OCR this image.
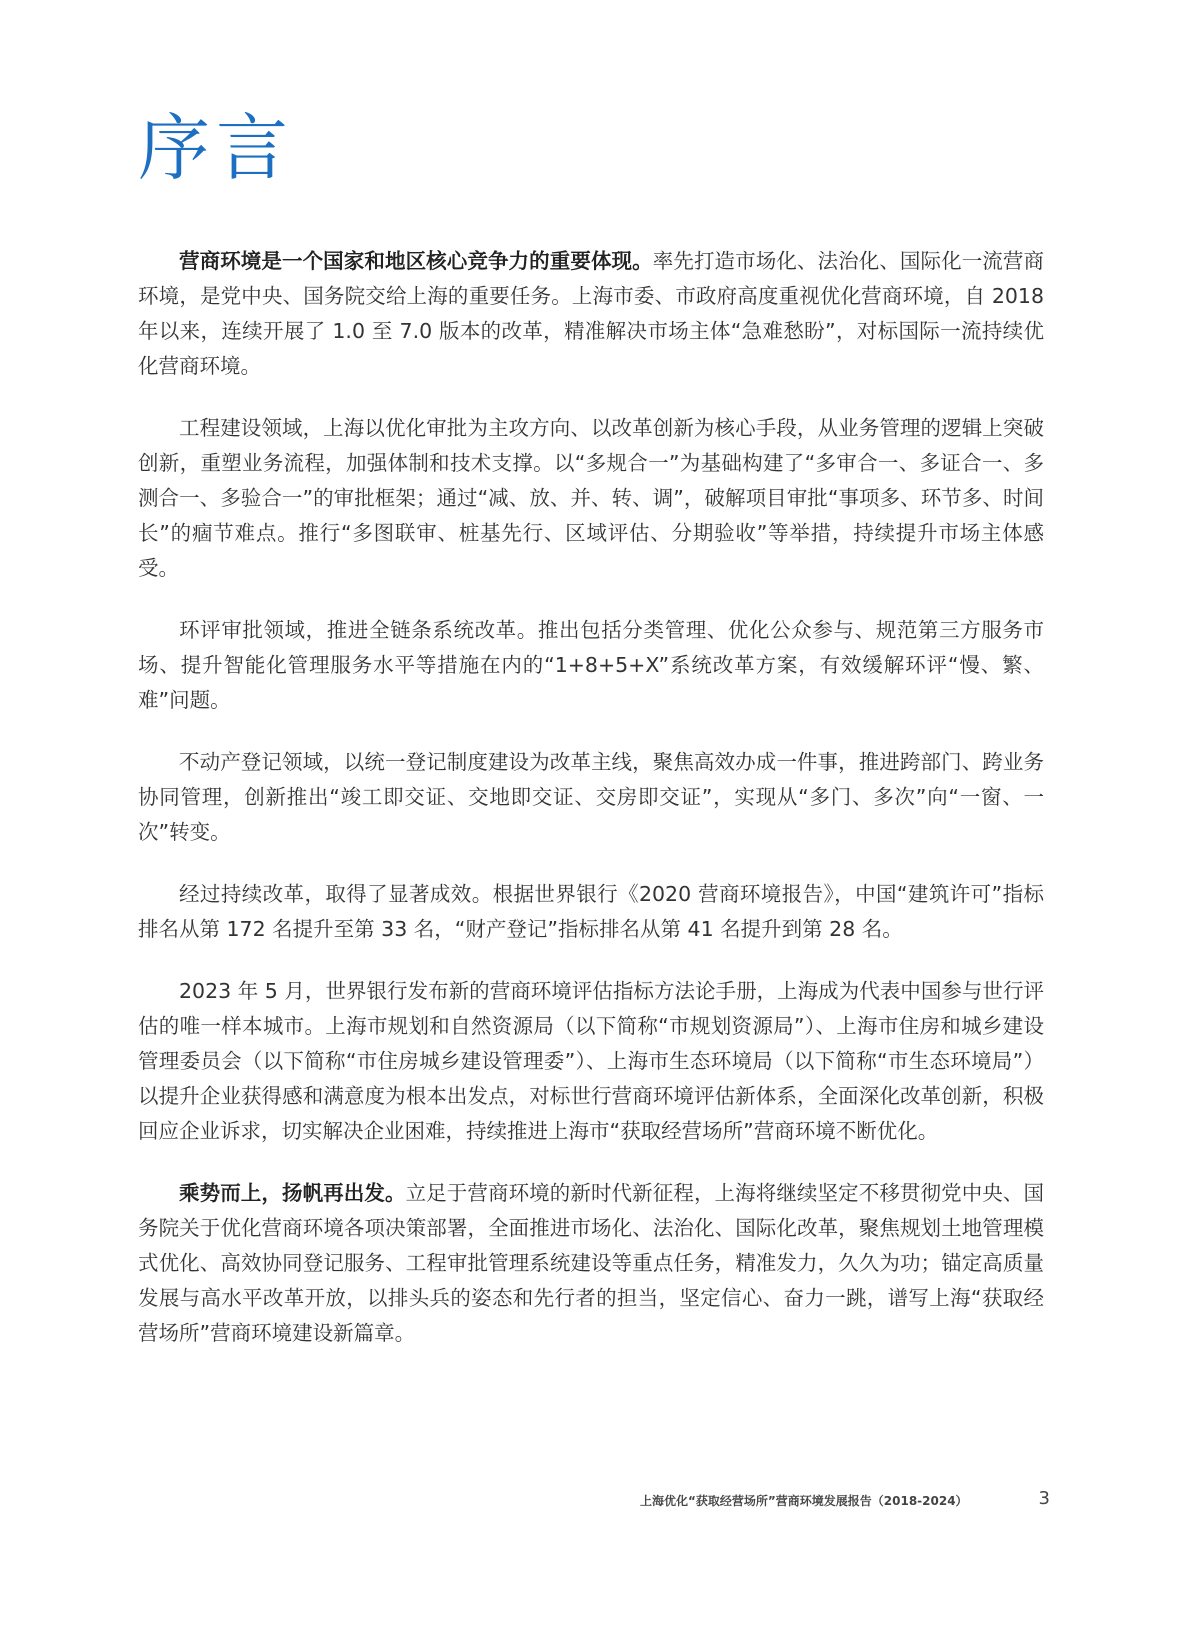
序言

营商环境是一个国家和地区核心竞争力的重要体现。率先打造市场化、法治化、国际化一流营商环境，是党中央、国务院交给上海的重要任务。上海市委、市政府高度重视优化营商环境，自 2018 年以来，连续开展了 1.0 至 7.0 版本的改革，精准解决市场主体“急难愁盼”，对标国际一流持续优化营商环境。

工程建设领域，上海以优化审批为主攻方向、以改革创新为核心手段，从业务管理的逻辑上突破创新，重塑业务流程，加强体制和技术支撑。以“多规合一”为基础构建了“多审合一、多证合一、多测合一、多验合一”的审批框架；通过“减、放、并、转、调”，破解项目审批“事项多、环节多、时间长”的痼节难点。推行“多图联审、桩基先行、区域评估、分期验收”等举措，持续提升市场主体感受。

环评审批领域，推进全链条系统改革。推出包括分类管理、优化公众参与、规范第三方服务市场、提升智能化管理服务水平等措施在内的“1+8+5+X”系统改革方案，有效缓解环评“慢、繁、难”问题。

不动产登记领域，以统一登记制度建设为改革主线，聚焦高效办成一件事，推进跨部门、跨业务协同管理，创新推出“竣工即交证、交地即交证、交房即交证”，实现从“多门、多次”向“一窗、一次”转变。

经过持续改革，取得了显著成效。根据世界银行《2020 营商环境报告》，中国“建筑许可”指标排名从第 172 名提升至第 33 名，“财产登记”指标排名从第 41 名提升到第 28 名。

2023 年 5 月，世界银行发布新的营商环境评估指标方法论手册，上海成为代表中国参与世行评估的唯一样本城市。上海市规划和自然资源局（以下简称“市规划资源局”）、上海市住房和城乡建设管理委员会（以下简称“市住房城乡建设管理委”）、上海市生态环境局（以下简称“市生态环境局”）以提升企业获得感和满意度为根本出发点，对标世行营商环境评估新体系，全面深化改革创新，积极回应企业诉求，切实解决企业困难，持续推进上海市“获取经营场所”营商环境不断优化。

乘势而上，扬帆再出发。立足于营商环境的新时代新征程，上海将继续坚定不移贯彻党中央、国务院关于优化营商环境各项决策部署，全面推进市场化、法治化、国际化改革，聚焦规划土地管理模式优化、高效协同登记服务、工程审批管理系统建设等重点任务，精准发力，久久为功；锚定高质量发展与高水平改革开放，以排头兵的姿态和先行者的担当，坚定信心、奋力一跳，谱写上海“获取经营场所”营商环境建设新篇章。

上海优化“获取经营场所”营商环境发展报告（2018-2024）	3
